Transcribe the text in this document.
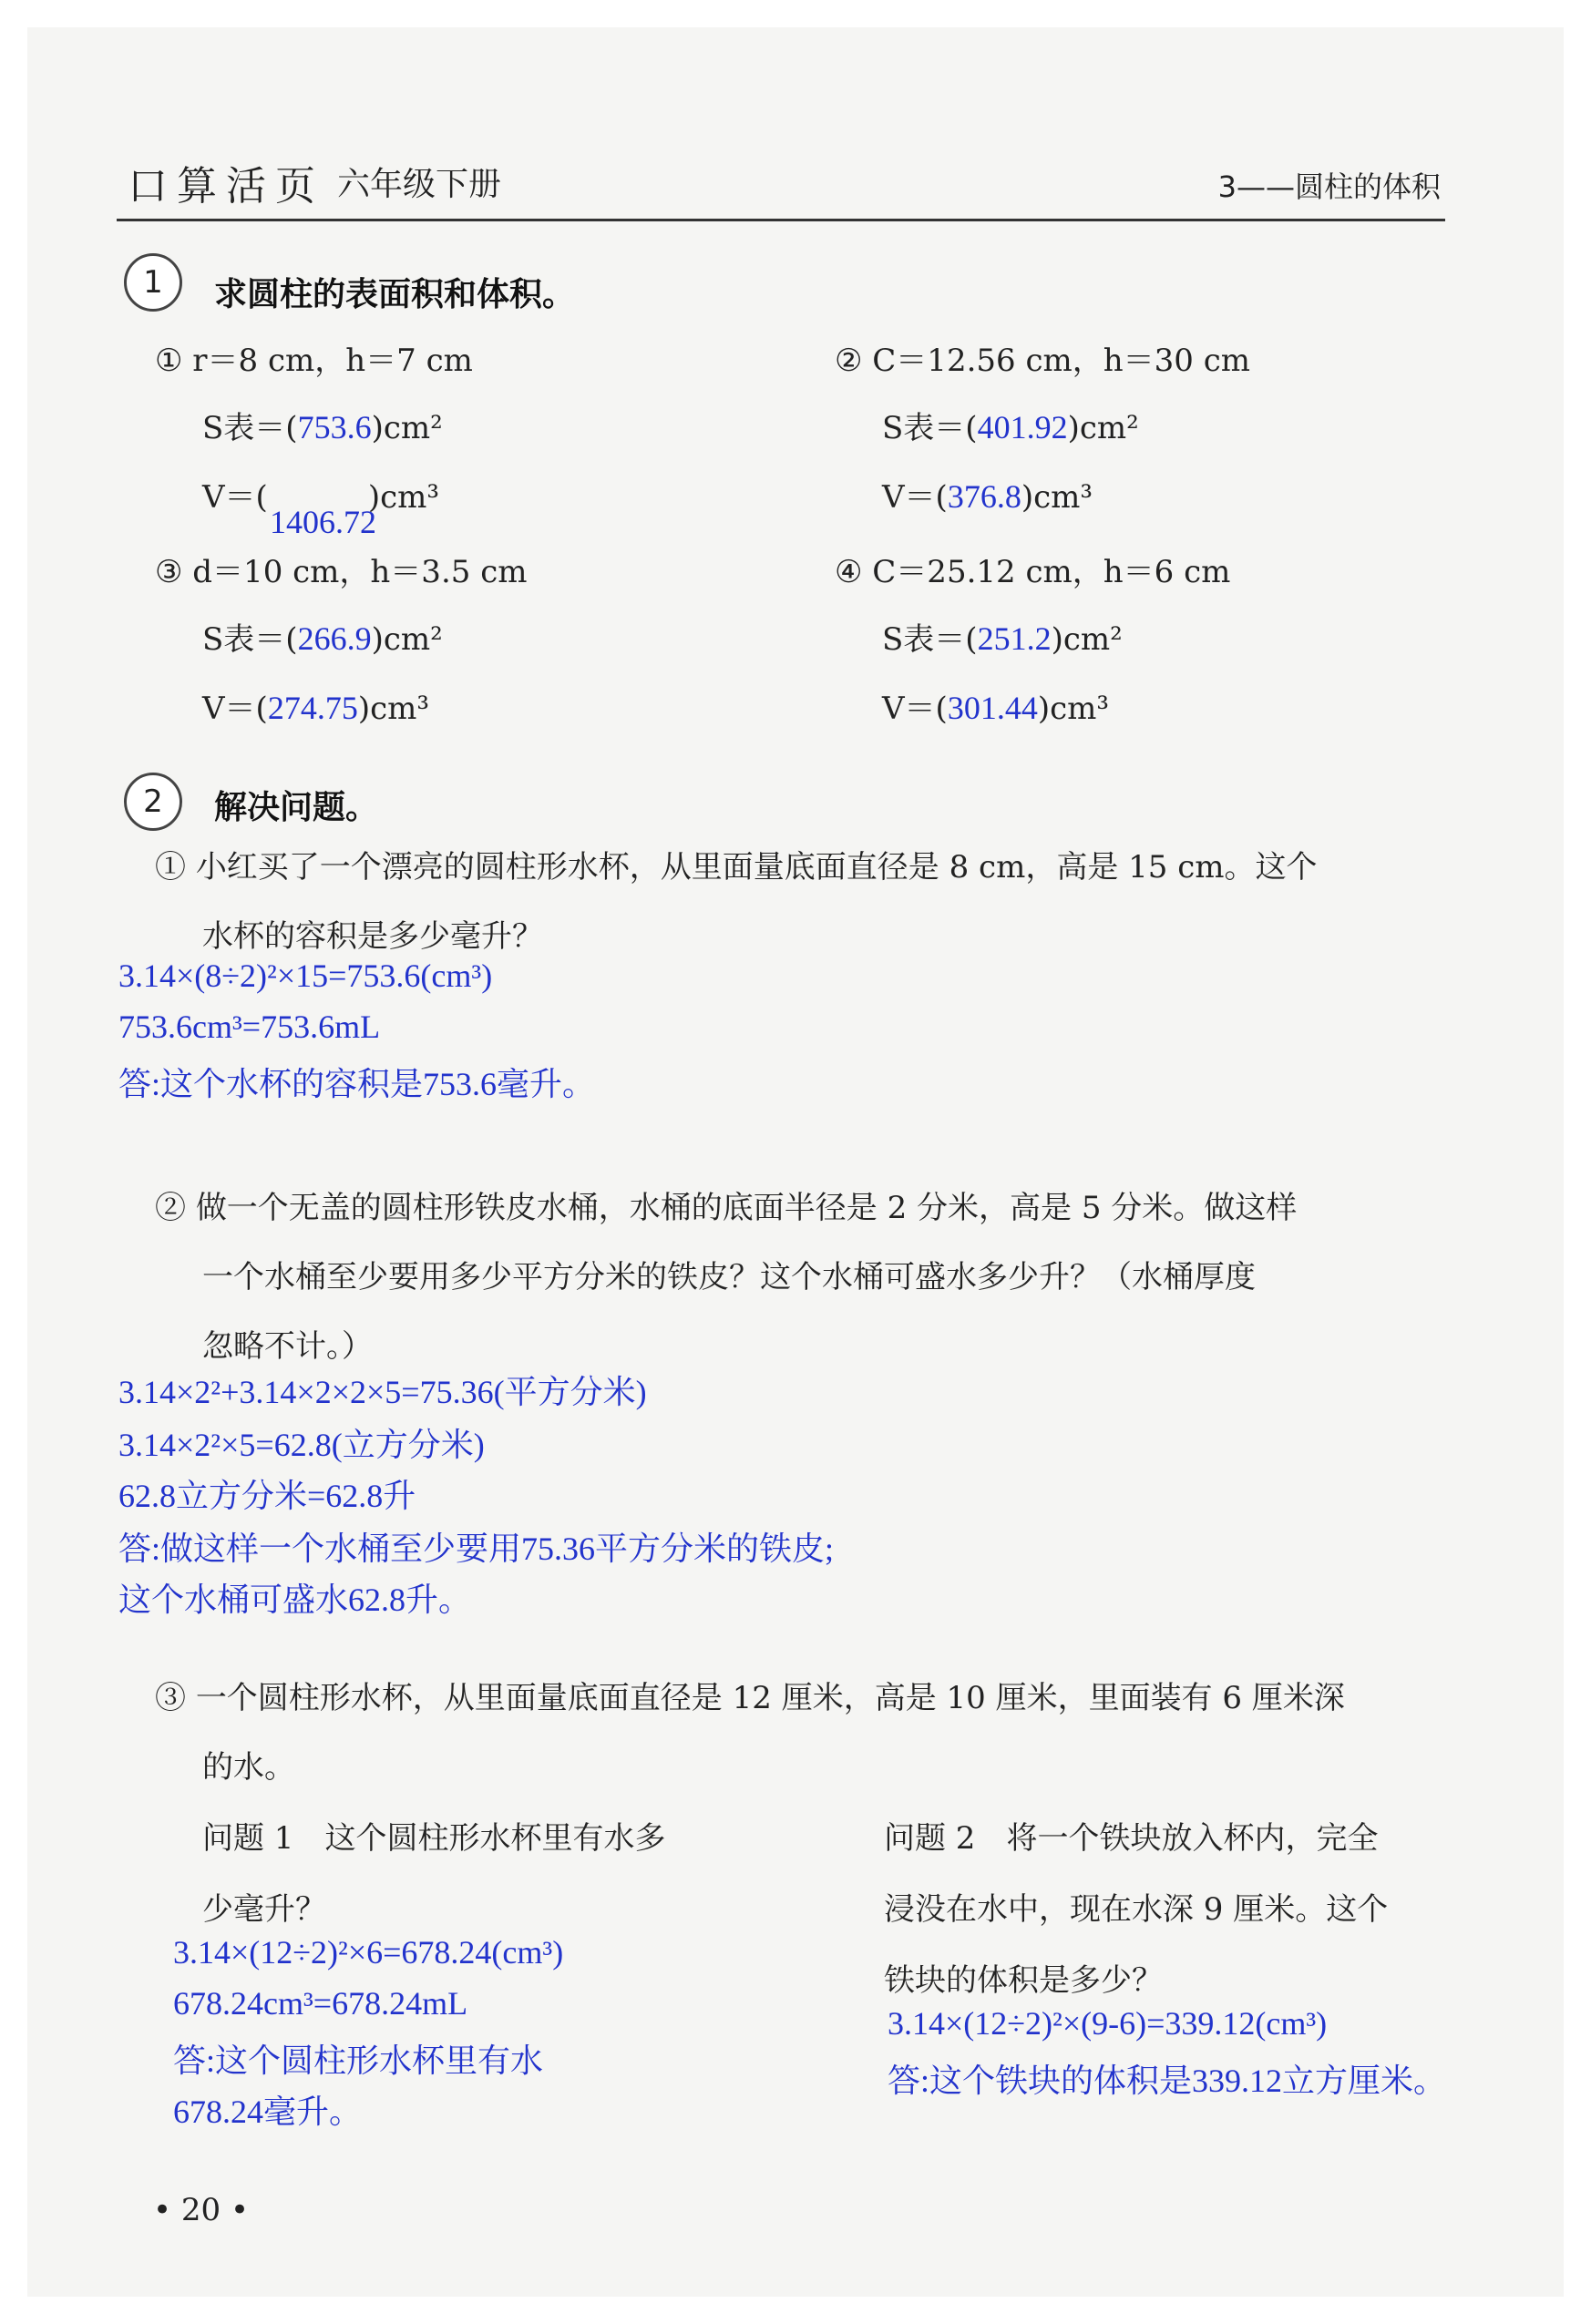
口算活页 六年级下册	3——圆柱的体积
1	求圆柱的表面积和体积。
① r＝8 cm，h＝7 cm
S表＝(753.6)cm²
V＝(	)cm³
1406.72
② C＝12.56 cm，h＝30 cm
S表＝(401.92)cm²
V＝(376.8)cm³
③ d＝10 cm，h＝3.5 cm
S表＝(266.9)cm²
V＝(274.75)cm³
④ C＝25.12 cm，h＝6 cm
S表＝(251.2)cm²
V＝(301.44)cm³
2	解决问题。
① 小红买了一个漂亮的圆柱形水杯，从里面量底面直径是 8 cm，高是 15 cm。这个
水杯的容积是多少毫升？
3.14×(8÷2)²×15=753.6(cm³)
753.6cm³=753.6mL
答:这个水杯的容积是753.6毫升。
② 做一个无盖的圆柱形铁皮水桶，水桶的底面半径是 2 分米，高是 5 分米。做这样
一个水桶至少要用多少平方分米的铁皮？这个水桶可盛水多少升？（水桶厚度
忽略不计。）
3.14×2²+3.14×2×2×5=75.36(平方分米)
3.14×2²×5=62.8(立方分米)
62.8立方分米=62.8升
答:做这样一个水桶至少要用75.36平方分米的铁皮;
这个水桶可盛水62.8升。
③ 一个圆柱形水杯，从里面量底面直径是 12 厘米，高是 10 厘米，里面装有 6 厘米深
的水。
问题 1　这个圆柱形水杯里有水多
少毫升？
3.14×(12÷2)²×6=678.24(cm³)
678.24cm³=678.24mL
答:这个圆柱形水杯里有水
678.24毫升。
问题 2　将一个铁块放入杯内，完全
浸没在水中，现在水深 9 厘米。这个
铁块的体积是多少？
3.14×(12÷2)²×(9-6)=339.12(cm³)
答:这个铁块的体积是339.12立方厘米。
• 20 •
